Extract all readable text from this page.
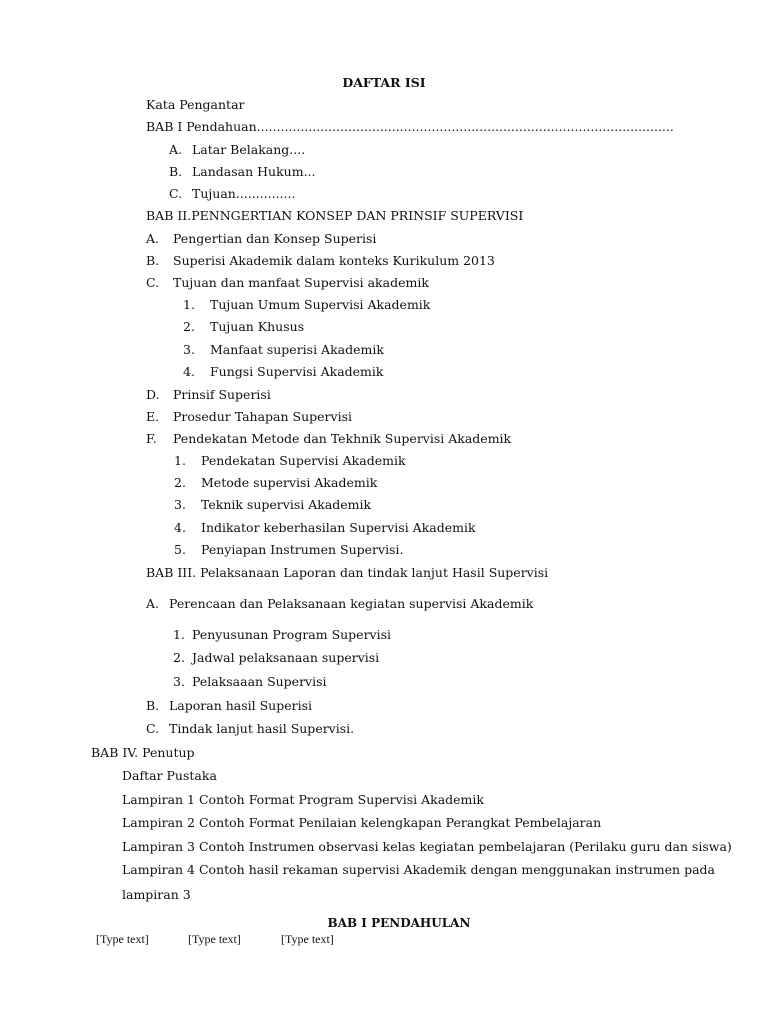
DAFTAR ISI
Kata Pengantar
BAB I Pendahuan.........................................................................................................
A. Latar Belakang....
B. Landasan Hukum...
C. Tujuan...............
BAB II.PENNGERTIAN KONSEP DAN PRINSIF SUPERVISI
A. Pengertian dan Konsep Superisi
B. Superisi Akademik dalam konteks Kurikulum 2013
C. Tujuan dan manfaat Supervisi akademik
1. Tujuan Umum Supervisi Akademik
2. Tujuan Khusus
3. Manfaat superisi Akademik
4. Fungsi Supervisi Akademik
D. Prinsif Superisi
E. Prosedur Tahapan Supervisi
F. Pendekatan Metode dan Tekhnik Supervisi Akademik
1. Pendekatan Supervisi Akademik
2. Metode supervisi Akademik
3. Teknik supervisi Akademik
4. Indikator keberhasilan Supervisi Akademik
5. Penyiapan Instrumen Supervisi.
BAB III. Pelaksanaan Laporan dan tindak lanjut Hasil Supervisi
A. Perencaan dan Pelaksanaan kegiatan supervisi Akademik
1. Penyusunan Program Supervisi
2. Jadwal pelaksanaan supervisi
3. Pelaksaaan Supervisi
B. Laporan hasil Superisi
C. Tindak lanjut hasil Supervisi.
BAB IV. Penutup
Daftar Pustaka
Lampiran 1 Contoh Format Program Supervisi Akademik
Lampiran 2 Contoh Format Penilaian kelengkapan Perangkat Pembelajaran
Lampiran 3 Contoh Instrumen observasi kelas kegiatan pembelajaran (Perilaku guru dan siswa)
Lampiran 4 Contoh hasil rekaman supervisi Akademik dengan menggunakan instrumen pada
lampiran 3
BAB I PENDAHULAN
[Type text]	[Type text]	[Type text]
